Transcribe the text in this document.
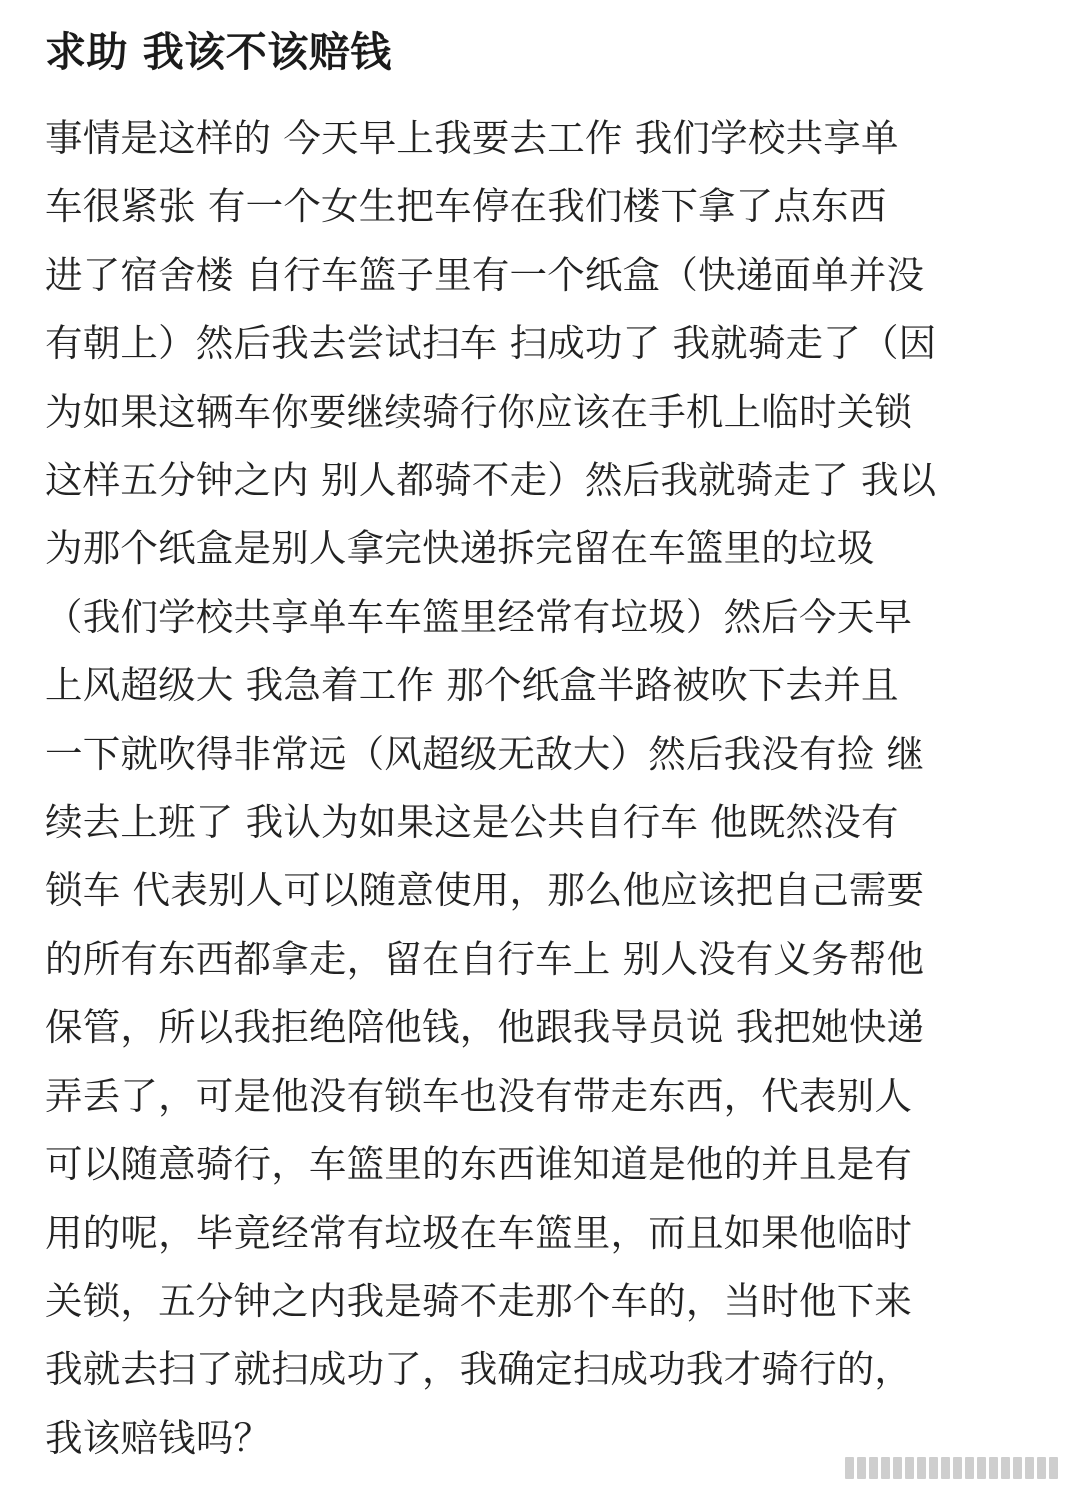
求助 我该不该赔钱
事情是这样的 今天早上我要去工作 我们学校共享单
车很紧张 有一个女生把车停在我们楼下拿了点东西
进了宿舍楼 自行车篮子里有一个纸盒（快递面单并没
有朝上）然后我去尝试扫车 扫成功了 我就骑走了（因
为如果这辆车你要继续骑行你应该在手机上临时关锁
这样五分钟之内 别人都骑不走）然后我就骑走了 我以
为那个纸盒是别人拿完快递拆完留在车篮里的垃圾
（我们学校共享单车车篮里经常有垃圾）然后今天早
上风超级大 我急着工作 那个纸盒半路被吹下去并且
一下就吹得非常远（风超级无敌大）然后我没有捡 继
续去上班了 我认为如果这是公共自行车 他既然没有
锁车 代表别人可以随意使用，那么他应该把自己需要
的所有东西都拿走，留在自行车上 别人没有义务帮他
保管，所以我拒绝陪他钱，他跟我导员说 我把她快递
弄丢了，可是他没有锁车也没有带走东西，代表别人
可以随意骑行，车篮里的东西谁知道是他的并且是有
用的呢，毕竟经常有垃圾在车篮里，而且如果他临时
关锁，五分钟之内我是骑不走那个车的，当时他下来
我就去扫了就扫成功了，我确定扫成功我才骑行的，
我该赔钱吗？
